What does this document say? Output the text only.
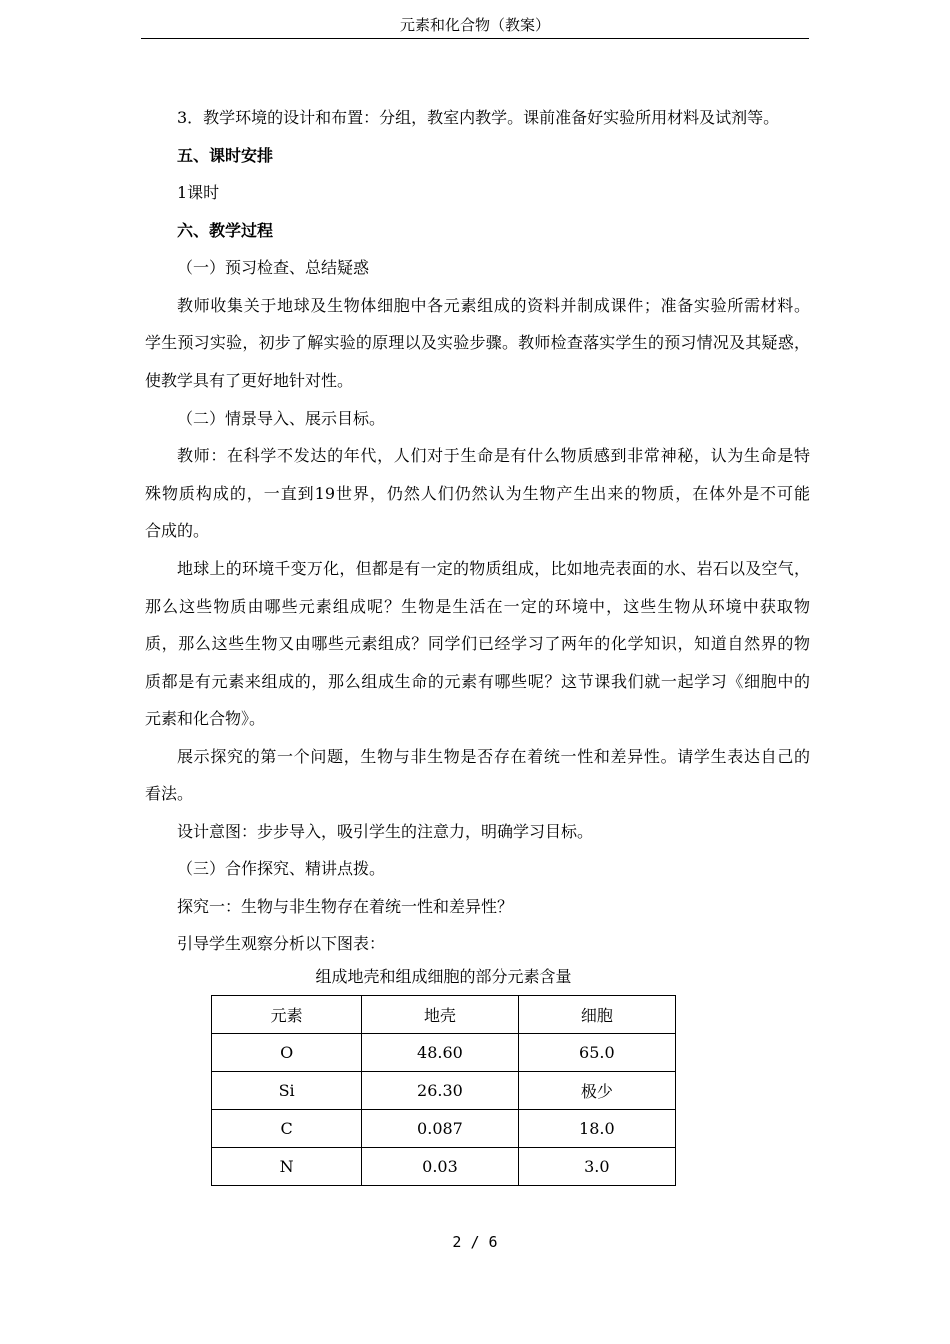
元素和化合物（教案）
3．教学环境的设计和布置：分组，教室内教学。课前准备好实验所用材料及试剂等。
五、课时安排
1课时
六、教学过程
（一）预习检查、总结疑惑
教师收集关于地球及生物体细胞中各元素组成的资料并制成课件；准备实验所需材料。
学生预习实验，初步了解实验的原理以及实验步骤。教师检查落实学生的预习情况及其疑惑，
使教学具有了更好地针对性。
（二）情景导入、展示目标。
教师：在科学不发达的年代，人们对于生命是有什么物质感到非常神秘，认为生命是特
殊物质构成的，一直到19世界，仍然人们仍然认为生物产生出来的物质，在体外是不可能
合成的。
地球上的环境千变万化，但都是有一定的物质组成，比如地壳表面的水、岩石以及空气，
那么这些物质由哪些元素组成呢？生物是生活在一定的环境中，这些生物从环境中获取物
质，那么这些生物又由哪些元素组成？同学们已经学习了两年的化学知识，知道自然界的物
质都是有元素来组成的，那么组成生命的元素有哪些呢？这节课我们就一起学习《细胞中的
元素和化合物》。
展示探究的第一个问题，生物与非生物是否存在着统一性和差异性。请学生表达自己的
看法。
设计意图：步步导入，吸引学生的注意力，明确学习目标。
（三）合作探究、精讲点拨。
探究一：生物与非生物存在着统一性和差异性？
引导学生观察分析以下图表：
组成地壳和组成细胞的部分元素含量
元素	地壳	细胞
O	48.60	65.0
Si	26.30	极少
C	0.087	18.0
N	0.03	3.0
2 / 6
